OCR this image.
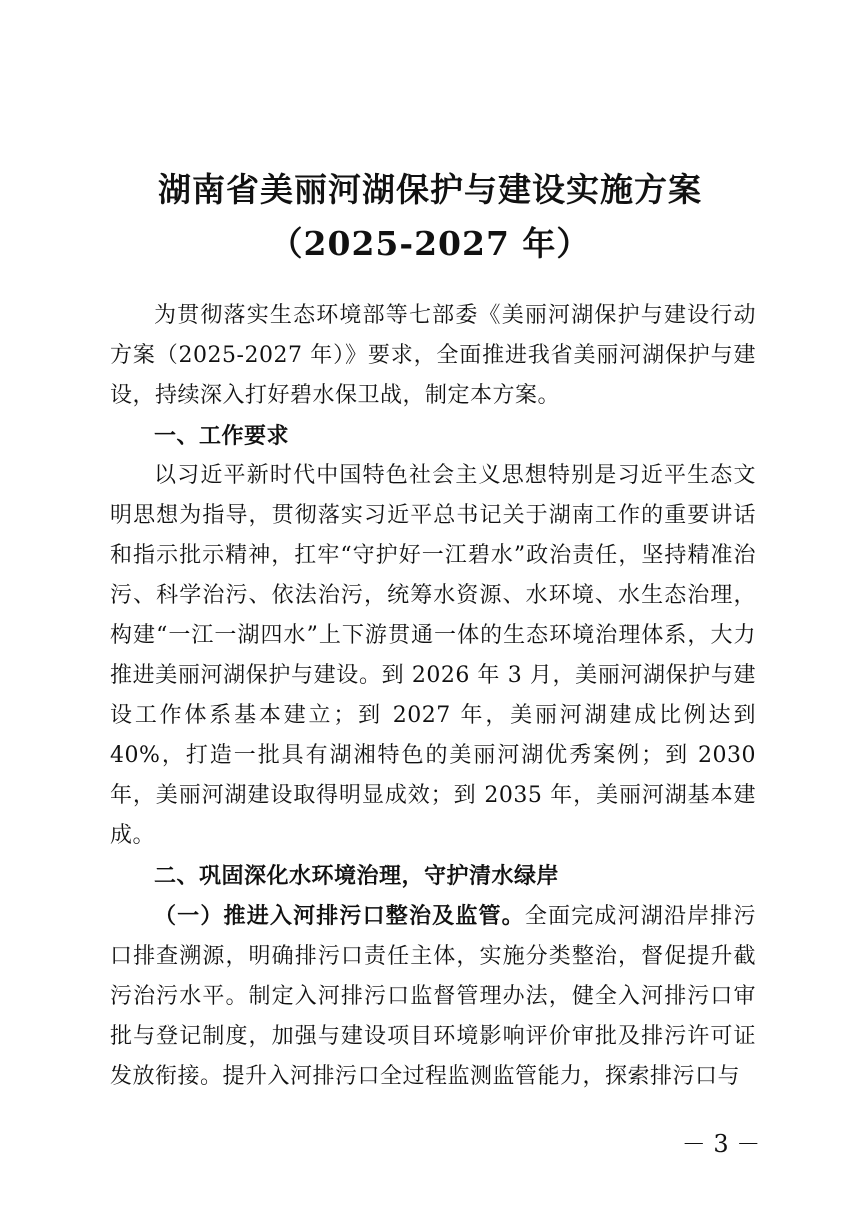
湖南省美丽河湖保护与建设实施方案
（2025-2027 年）

为贯彻落实生态环境部等七部委《美丽河湖保护与建设行动方案（2025-2027 年）》要求，全面推进我省美丽河湖保护与建设，持续深入打好碧水保卫战，制定本方案。

一、工作要求

以习近平新时代中国特色社会主义思想特别是习近平生态文明思想为指导，贯彻落实习近平总书记关于湖南工作的重要讲话和指示批示精神，扛牢“守护好一江碧水”政治责任，坚持精准治污、科学治污、依法治污，统筹水资源、水环境、水生态治理，构建“一江一湖四水”上下游贯通一体的生态环境治理体系，大力推进美丽河湖保护与建设。到 2026 年 3 月，美丽河湖保护与建设工作体系基本建立；到 2027 年，美丽河湖建成比例达到 40%，打造一批具有湖湘特色的美丽河湖优秀案例；到 2030 年，美丽河湖建设取得明显成效；到 2035 年，美丽河湖基本建成。

二、巩固深化水环境治理，守护清水绿岸

（一）推进入河排污口整治及监管。全面完成河湖沿岸排污口排查溯源，明确排污口责任主体，实施分类整治，督促提升截污治污水平。制定入河排污口监督管理办法，健全入河排污口审批与登记制度，加强与建设项目环境影响评价审批及排污许可证发放衔接。提升入河排污口全过程监测监管能力，探索排污口与

－ 3 －
